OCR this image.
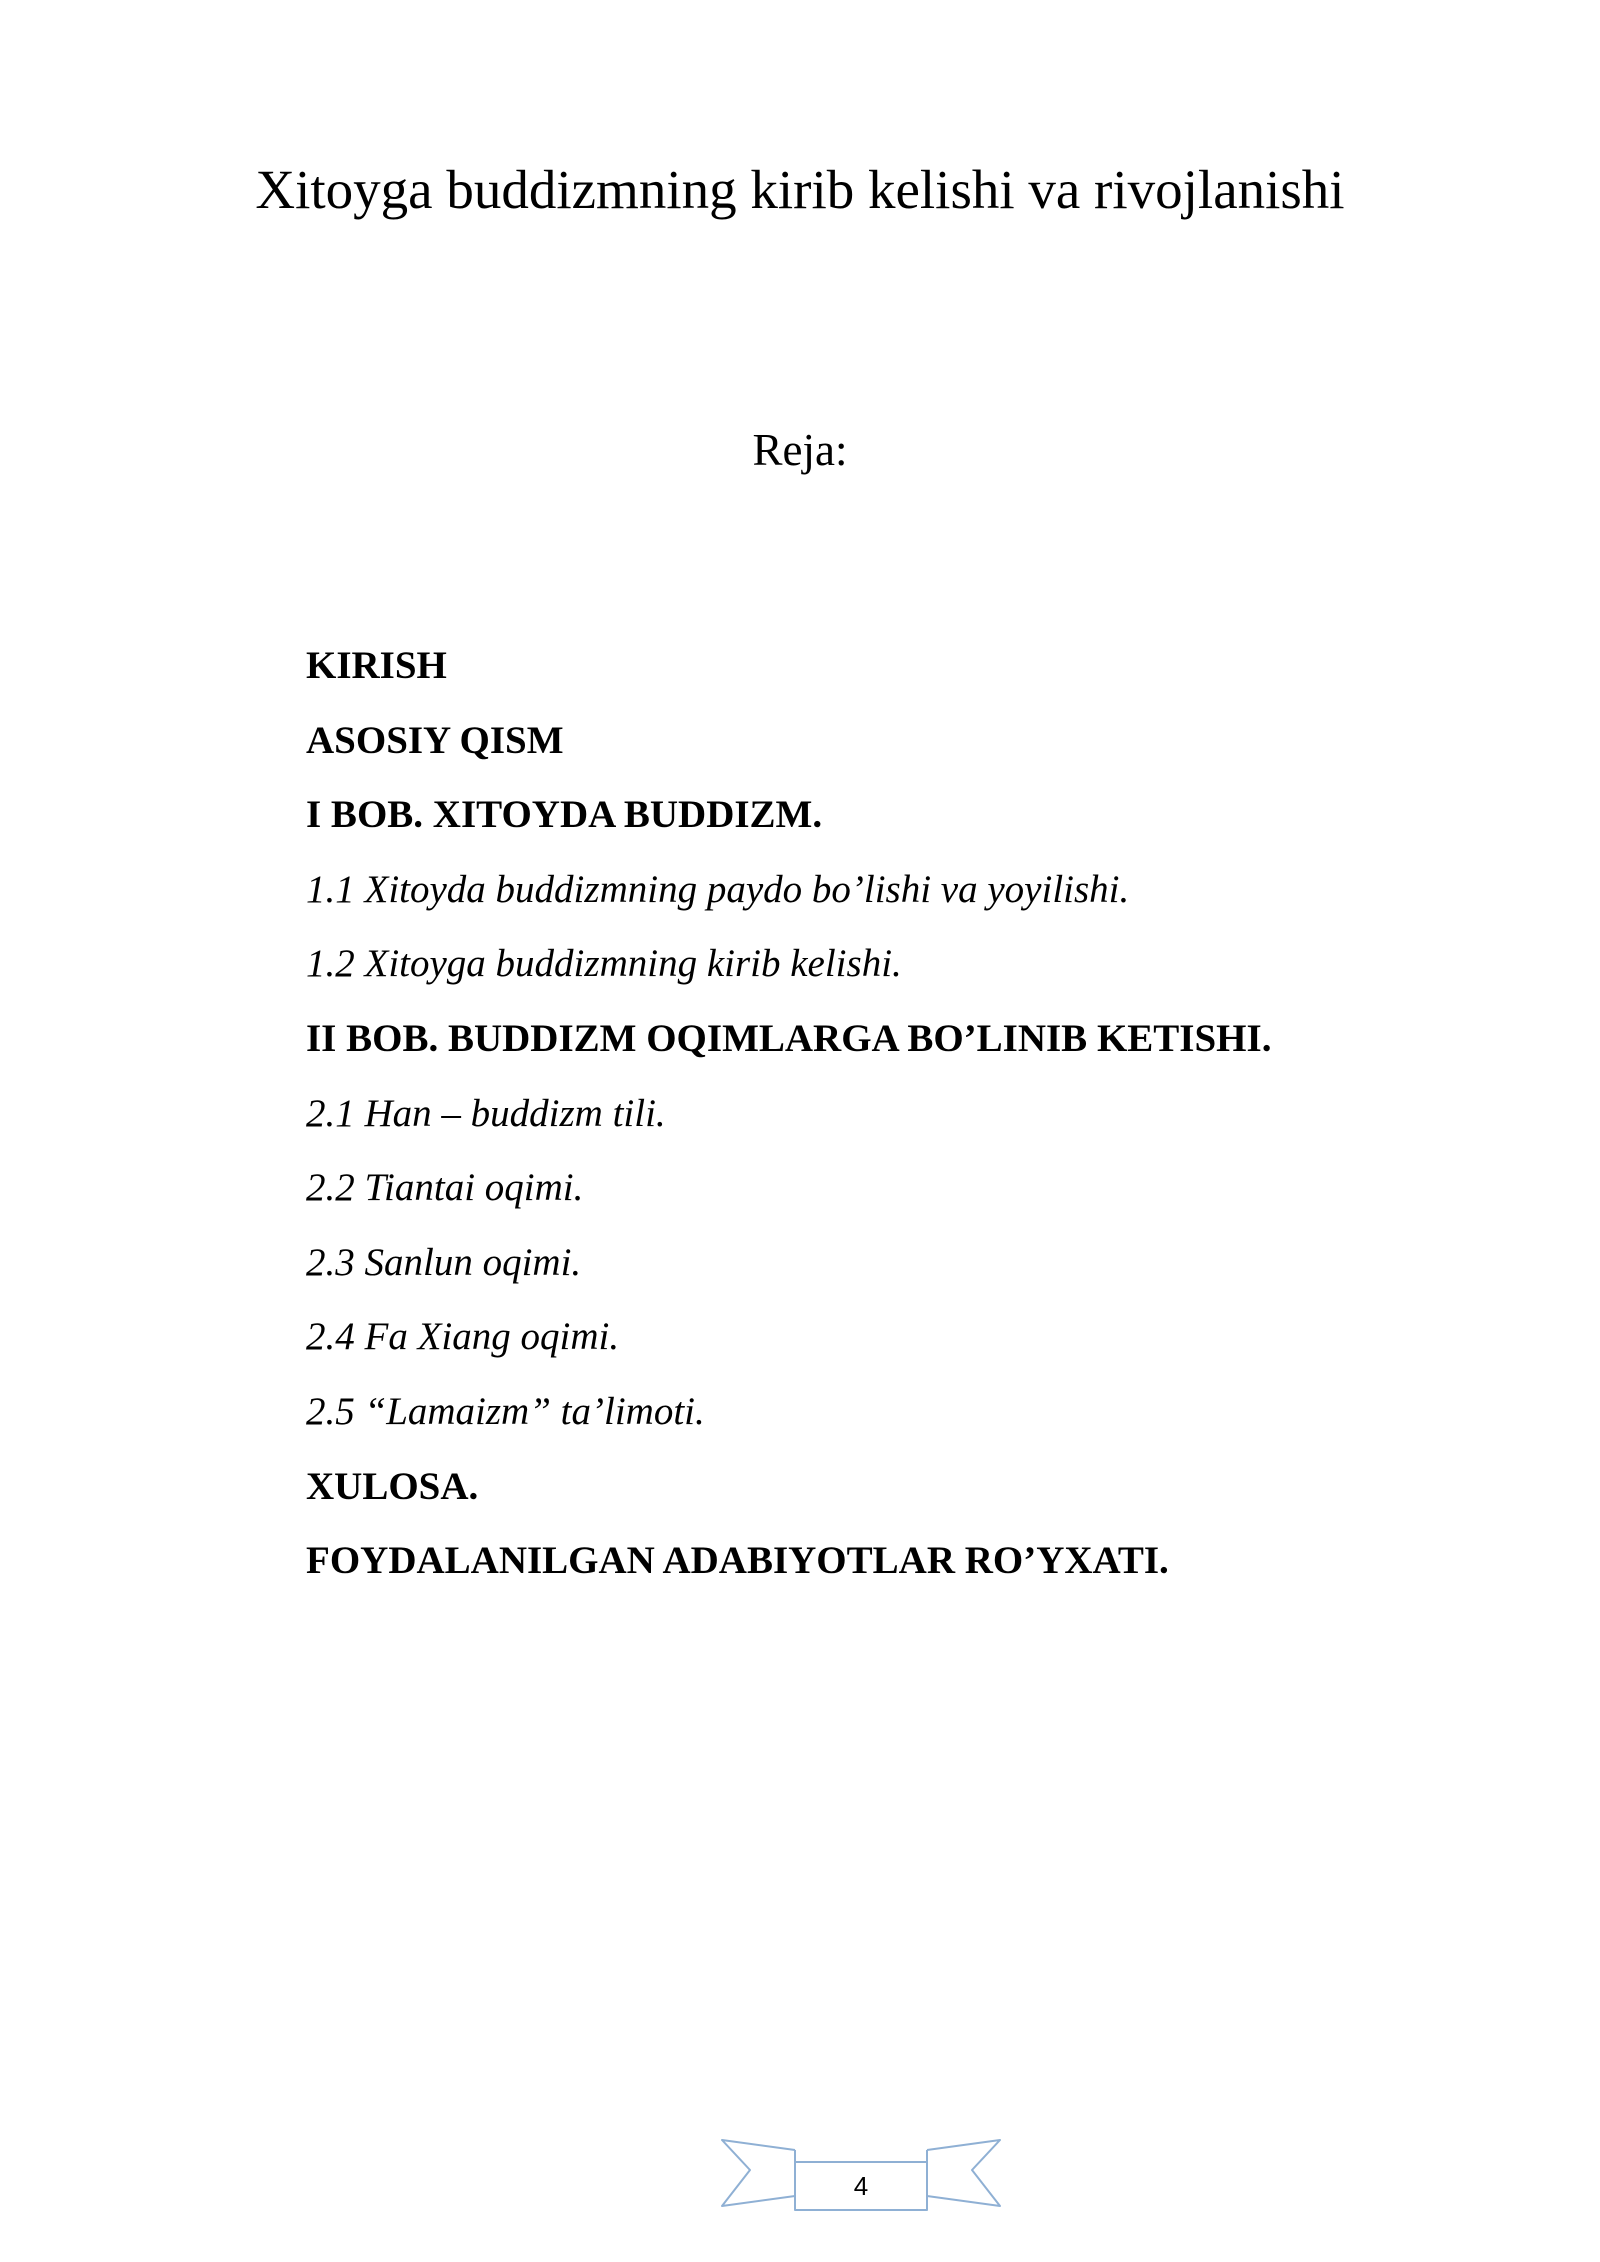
Xitoyga buddizmning kirib kelishi va rivojlanishi
Reja:
KIRISH
ASOSIY QISM
I BOB. XITOYDA BUDDIZM.
1.1 Xitoyda buddizmning paydo bo’lishi va yoyilishi.
1.2 Xitoyga buddizmning kirib kelishi.
II BOB. BUDDIZM OQIMLARGA BO’LINIB KETISHI.
2.1 Han – buddizm tili.
2.2 Tiantai oqimi.
2.3 Sanlun oqimi.
2.4 Fa Xiang oqimi.
2.5 “Lamaizm” ta’limoti.
XULOSA.
FOYDALANILGAN ADABIYOTLAR RO’YXATI.
4
